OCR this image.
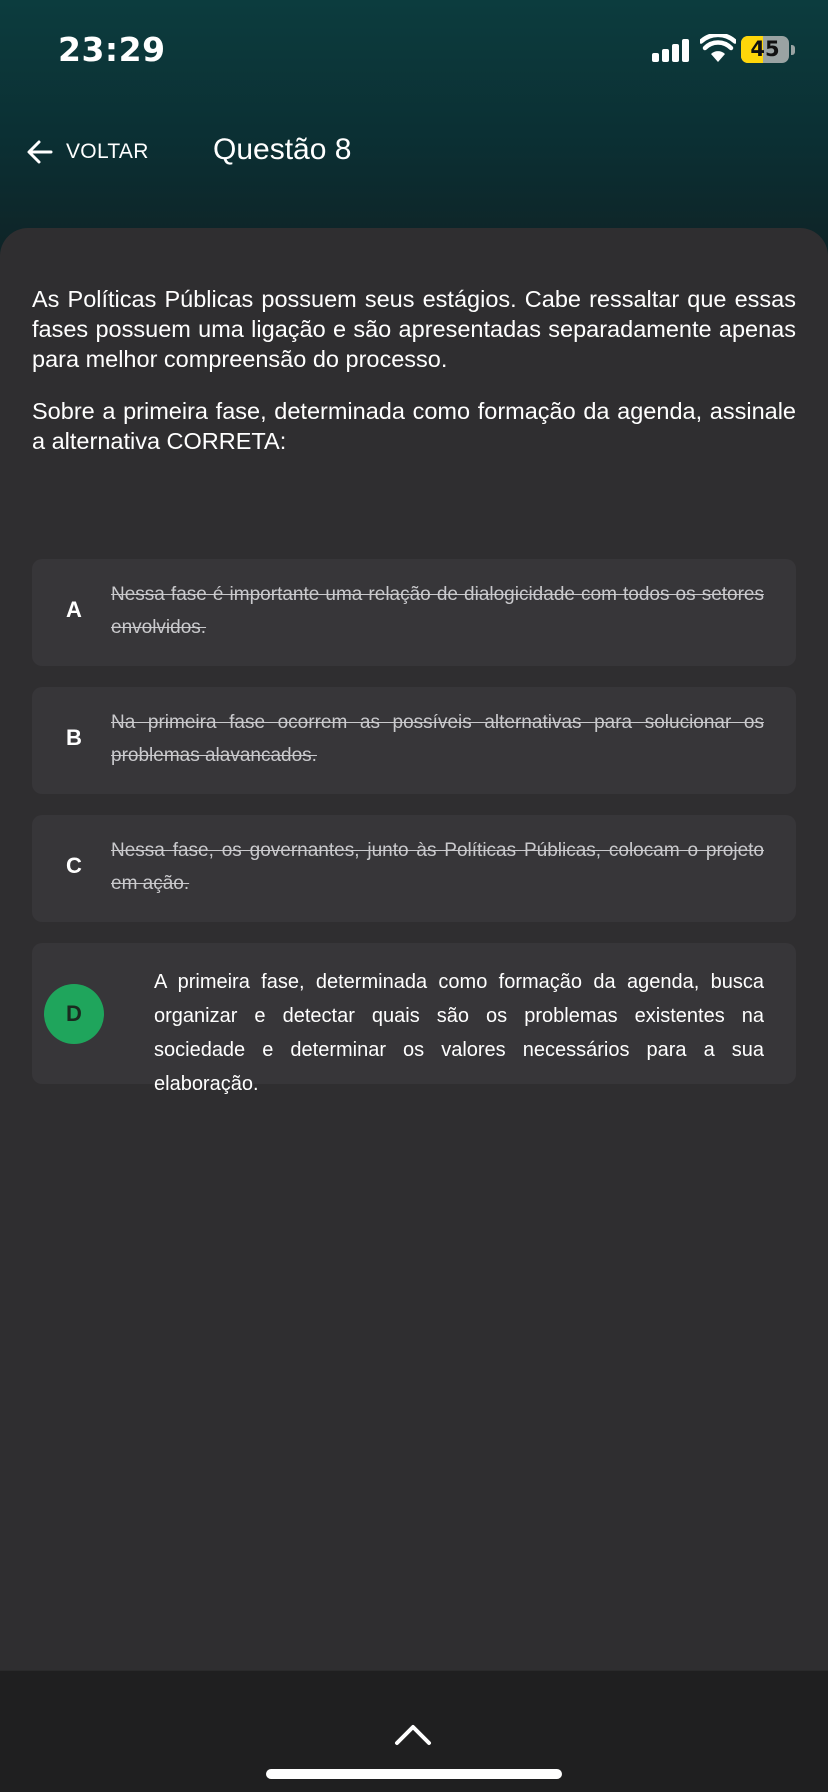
23:29	45
VOLTAR Questão 8

As Políticas Públicas possuem seus estágios. Cabe ressaltar que essas fases possuem uma ligação e são apresentadas separadamente apenas para melhor compreensão do processo.

Sobre a primeira fase, determinada como formação da agenda, assinale a alternativa CORRETA:

A
Nessa fase é importante uma relação de dialogicidade com todos os setores envolvidos.
B
Na primeira fase ocorrem as possíveis alternativas para solucionar os problemas alavancados.
C
Nessa fase, os governantes, junto às Políticas Públicas, colocam o projeto em ação.
D
A primeira fase, determinada como formação da agenda, busca organizar e detectar quais são os problemas existentes na sociedade e determinar os valores necessários para a sua elaboração.
